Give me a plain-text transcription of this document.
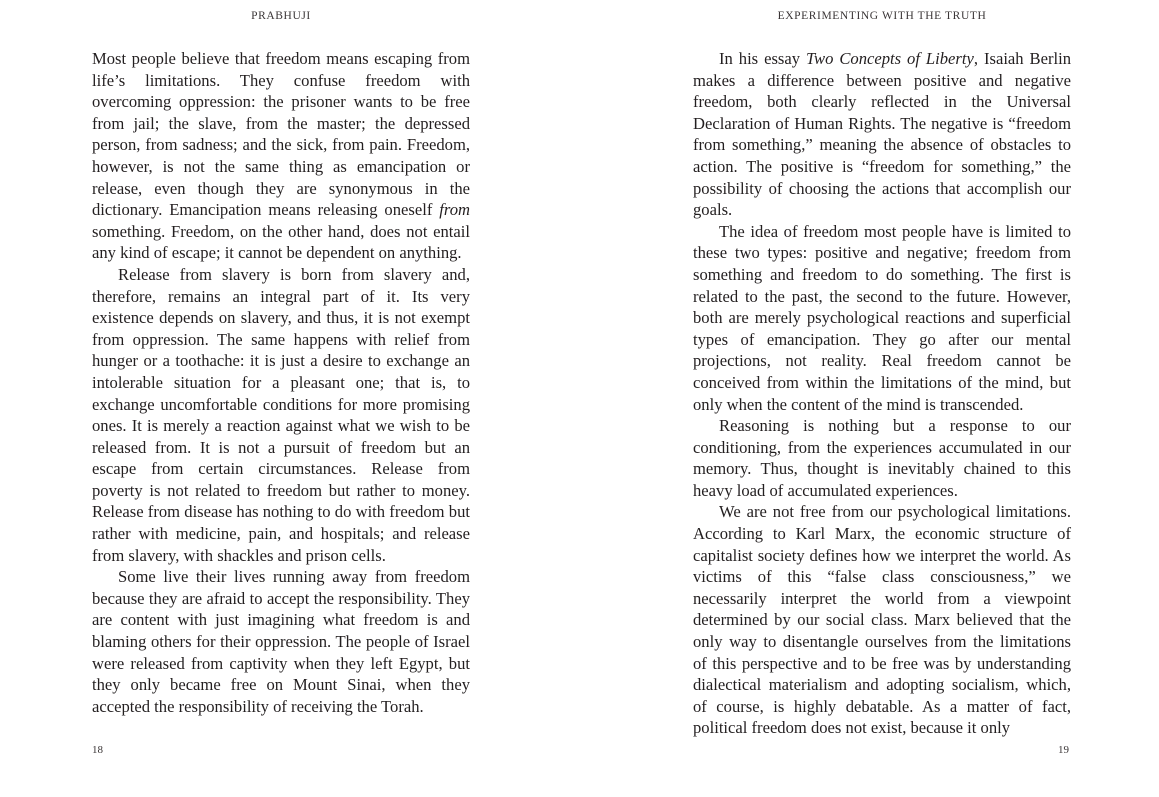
PRABHUJI

Most people believe that freedom means escaping from life’s limitations. They confuse freedom with overcoming oppression: the prisoner wants to be free from jail; the slave, from the master; the depressed person, from sadness; and the sick, from pain. Freedom, however, is not the same thing as emancipation or release, even though they are synonymous in the dictionary. Emancipation means releasing oneself from something. Freedom, on the other hand, does not entail any kind of escape; it cannot be dependent on anything.

Release from slavery is born from slavery and, therefore, remains an integral part of it. Its very existence depends on slavery, and thus, it is not exempt from oppression. The same happens with relief from hunger or a toothache: it is just a desire to exchange an intolerable situation for a pleasant one; that is, to exchange uncomfortable conditions for more promising ones. It is merely a reaction against what we wish to be released from. It is not a pursuit of freedom but an escape from certain circumstances. Release from poverty is not related to freedom but rather to money. Release from disease has nothing to do with freedom but rather with medicine, pain, and hospitals; and release from slavery, with shackles and prison cells.

Some live their lives running away from freedom because they are afraid to accept the responsibility. They are content with just imagining what freedom is and blaming others for their oppression. The people of Israel were released from captivity when they left Egypt, but they only became free on Mount Sinai, when they accepted the responsibility of receiving the Torah.

18
EXPERIMENTING WITH THE TRUTH

In his essay Two Concepts of Liberty, Isaiah Berlin makes a difference between positive and negative freedom, both clearly reflected in the Universal Declaration of Human Rights. The negative is “freedom from something,” meaning the absence of obstacles to action. The positive is “freedom for something,” the possibility of choosing the actions that accomplish our goals.

The idea of freedom most people have is limited to these two types: positive and negative; freedom from something and freedom to do something. The first is related to the past, the second to the future. However, both are merely psychological reactions and superficial types of emancipation. They go after our mental projections, not reality. Real freedom cannot be conceived from within the limitations of the mind, but only when the content of the mind is transcended.

Reasoning is nothing but a response to our conditioning, from the experiences accumulated in our memory. Thus, thought is inevitably chained to this heavy load of accumulated experiences.

We are not free from our psychological limitations. According to Karl Marx, the economic structure of capitalist society defines how we interpret the world. As victims of this “false class consciousness,” we necessarily interpret the world from a viewpoint determined by our social class. Marx believed that the only way to disentangle ourselves from the limitations of this perspective and to be free was by understanding dialectical materialism and adopting socialism, which, of course, is highly debatable. As a matter of fact, political freedom does not exist, because it only

19
